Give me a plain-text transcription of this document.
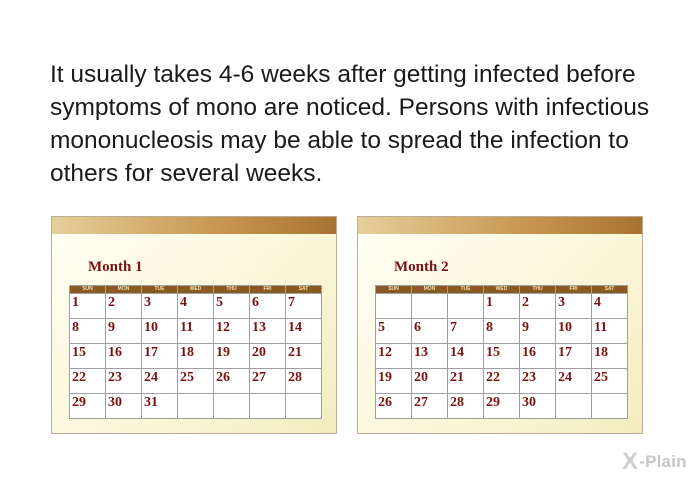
It usually takes 4-6 weeks after getting infected before symptoms of mono are noticed. Persons with infectious mononucleosis may be able to spread the infection to others for several weeks.

Month 1
SUN	MON	TUE	WED	THU	FRI	SAT

1	2	3	4	5	6	7

8	9	10	11	12	13	14

15	16	17	18	19	20	21

22	23	24	25	26	27	28

29	30	31				

Month 2
SUN	MON	TUE	WED	THU	FRI	SAT

			1	2	3	4

5	6	7	8	9	10	11

12	13	14	15	16	17	18

19	20	21	22	23	24	25

26	27	28	29	30		

X-Plain
